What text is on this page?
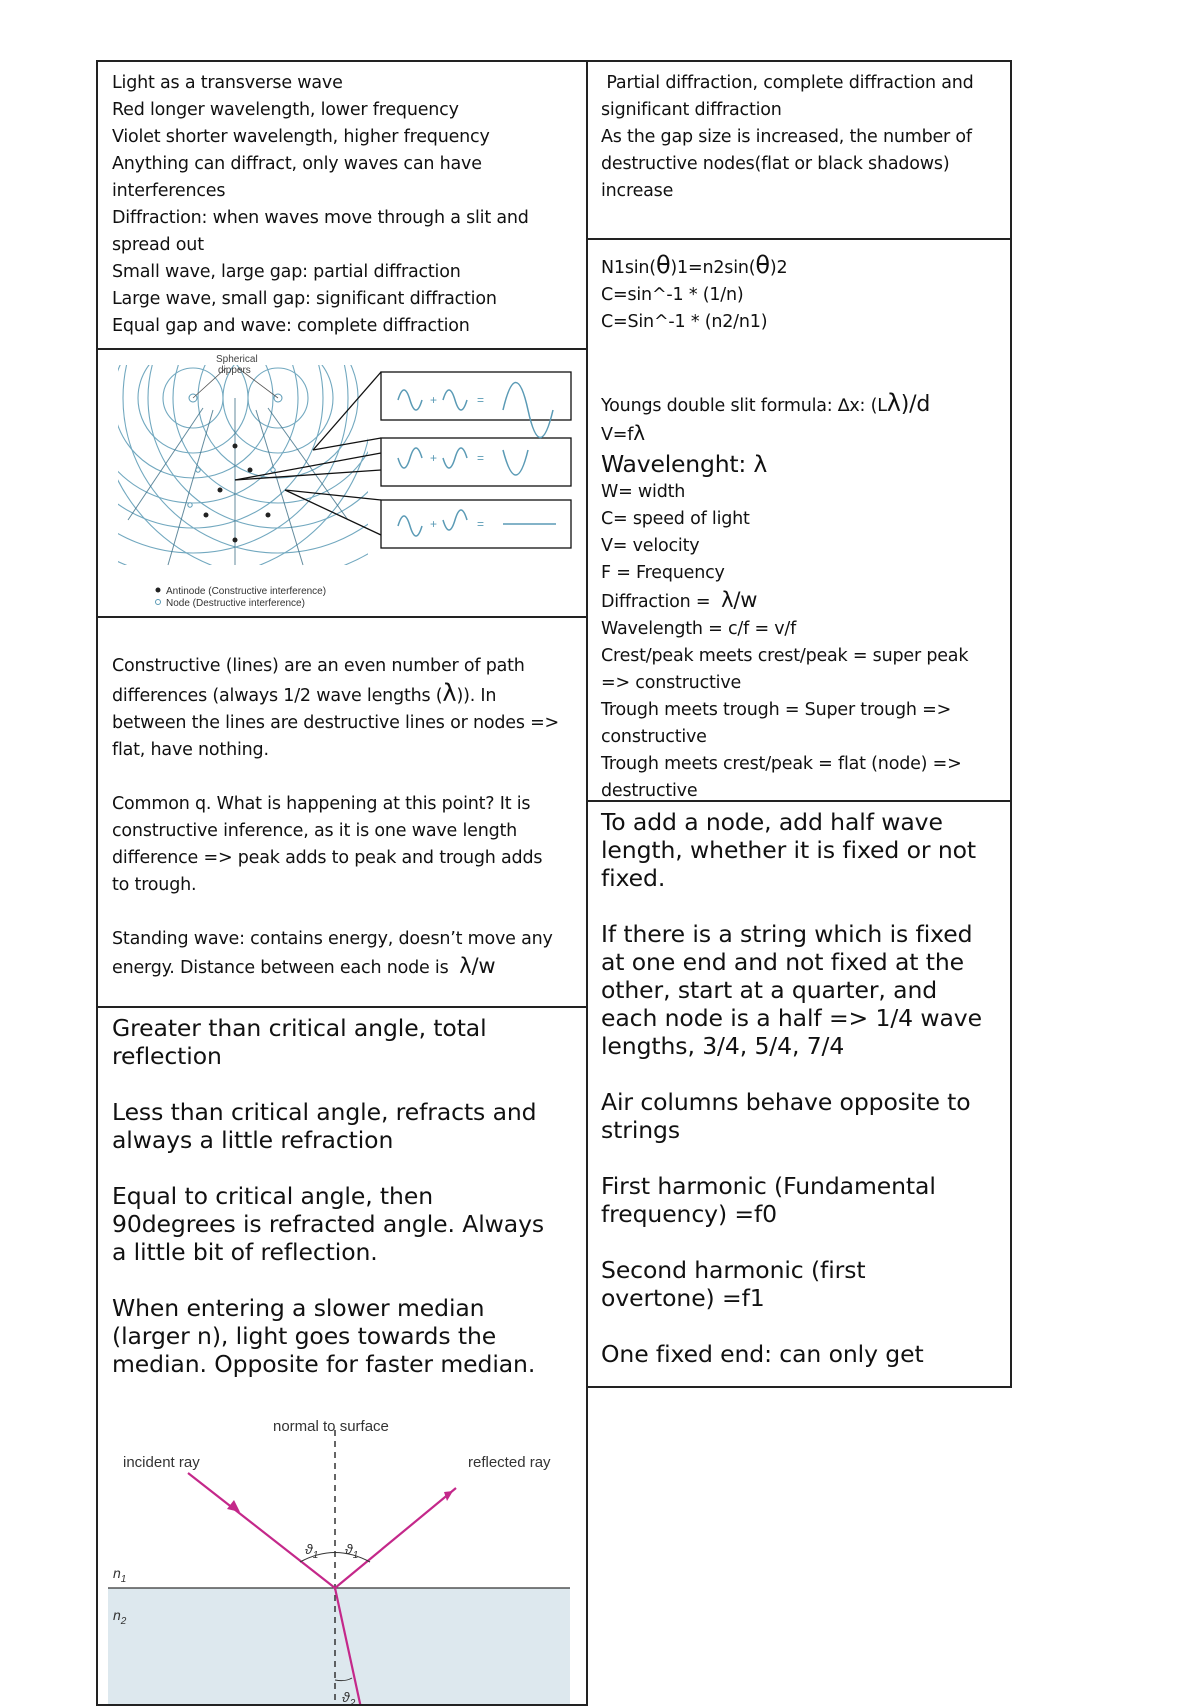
Light as a transverse wave
Red longer wavelength, lower frequency
Violet shorter wavelength, higher frequency
Anything can diffract, only waves can have
interferences
Diffraction: when waves move through a slit and
spread out
Small wave, large gap: partial diffraction
Large wave, small gap: significant diffraction
Equal gap and wave: complete diffraction
Spherical
dippers
+	=
+	=
+	=
Antinode (Constructive interference)
Node (Destructive interference)
Constructive (lines) are an even number of path
differences (always 1/2 wave lengths (λ)). In
between the lines are destructive lines or nodes =>
flat, have nothing.
Common q. What is happening at this point? It is
constructive inference, as it is one wave length
difference => peak adds to peak and trough adds
to trough.
Standing wave: contains energy, doesn’t move any
energy. Distance between each node is λ/w
Greater than critical angle, total
reflection
Less than critical angle, refracts and
always a little refraction
Equal to critical angle, then
90degrees is refracted angle. Always
a little bit of reflection.
When entering a slower median
(larger n), light goes towards the
median. Opposite for faster median.
normal to surface
incident ray	reflected ray
$ϑ_1$ $ϑ_1$
$ϑ_2$
$n_1$
$n_2$
Partial diffraction, complete diffraction and
significant diffraction
As the gap size is increased, the number of
destructive nodes(flat or black shadows)
increase
N1sin(θ)1=n2sin(θ)2
C=sin^-1 * (1/n)
C=Sin^-1 * (n2/n1)
Youngs double slit formula: ∆x: (Lλ)/d
V=fλ
Wavelenght: λ
W= width
C= speed of light
V= velocity
F = Frequency
Diffraction = λ/w
Wavelength = c/f = v/f
Crest/peak meets crest/peak = super peak
=> constructive
Trough meets trough = Super trough =>
constructive
Trough meets crest/peak = flat (node) =>
destructive
To add a node, add half wave
length, whether it is fixed or not
fixed.
If there is a string which is fixed
at one end and not fixed at the
other, start at a quarter, and
each node is a half => 1/4 wave
lengths, 3/4, 5/4, 7/4
Air columns behave opposite to
strings
First harmonic (Fundamental
frequency) =f0
Second harmonic (first
overtone) =f1
One fixed end: can only get
